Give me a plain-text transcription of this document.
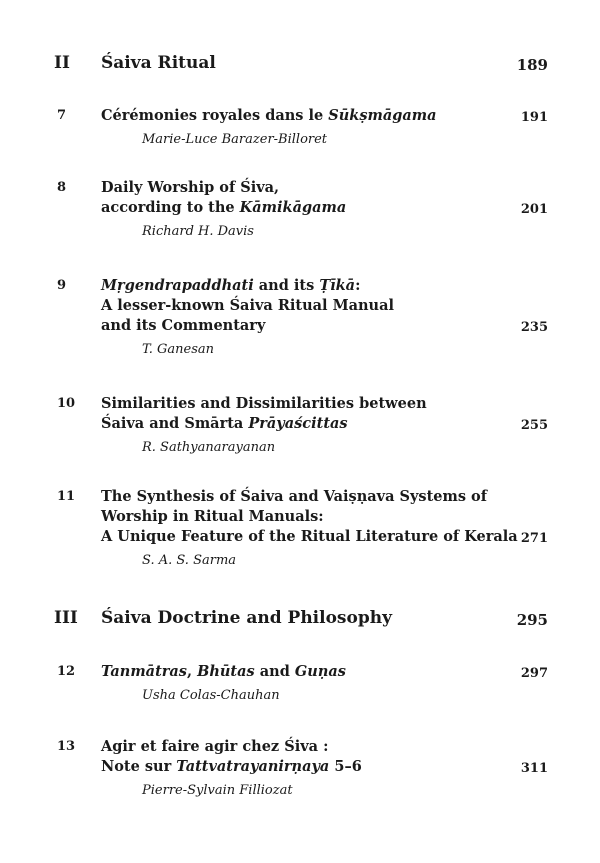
II Śaiva Ritual	189
7 Cérémonies royales dans le Sūkṣmāgama
Marie-Luce Barazer-Billoret
191
8 Daily Worship of Śiva,
according to the Kāmikāgama
Richard H. Davis
201
9 Mṛgendrapaddhati and its Ṭīkā:
A lesser-known Śaiva Ritual Manual
and its Commentary
T. Ganesan
235
10 Similarities and Dissimilarities between
Śaiva and Smārta Prāyaścittas
R. Sathyanarayanan
255
11 The Synthesis of Śaiva and Vaiṣṇava Systems of
Worship in Ritual Manuals:
A Unique Feature of the Ritual Literature of Kerala
S. A. S. Sarma
271
III Śaiva Doctrine and Philosophy	295
12 Tanmātras, Bhūtas and Guṇas
Usha Colas-Chauhan
297
13 Agir et faire agir chez Śiva :
Note sur Tattvatrayanirṇaya 5–6
Pierre-Sylvain Filliozat
311
